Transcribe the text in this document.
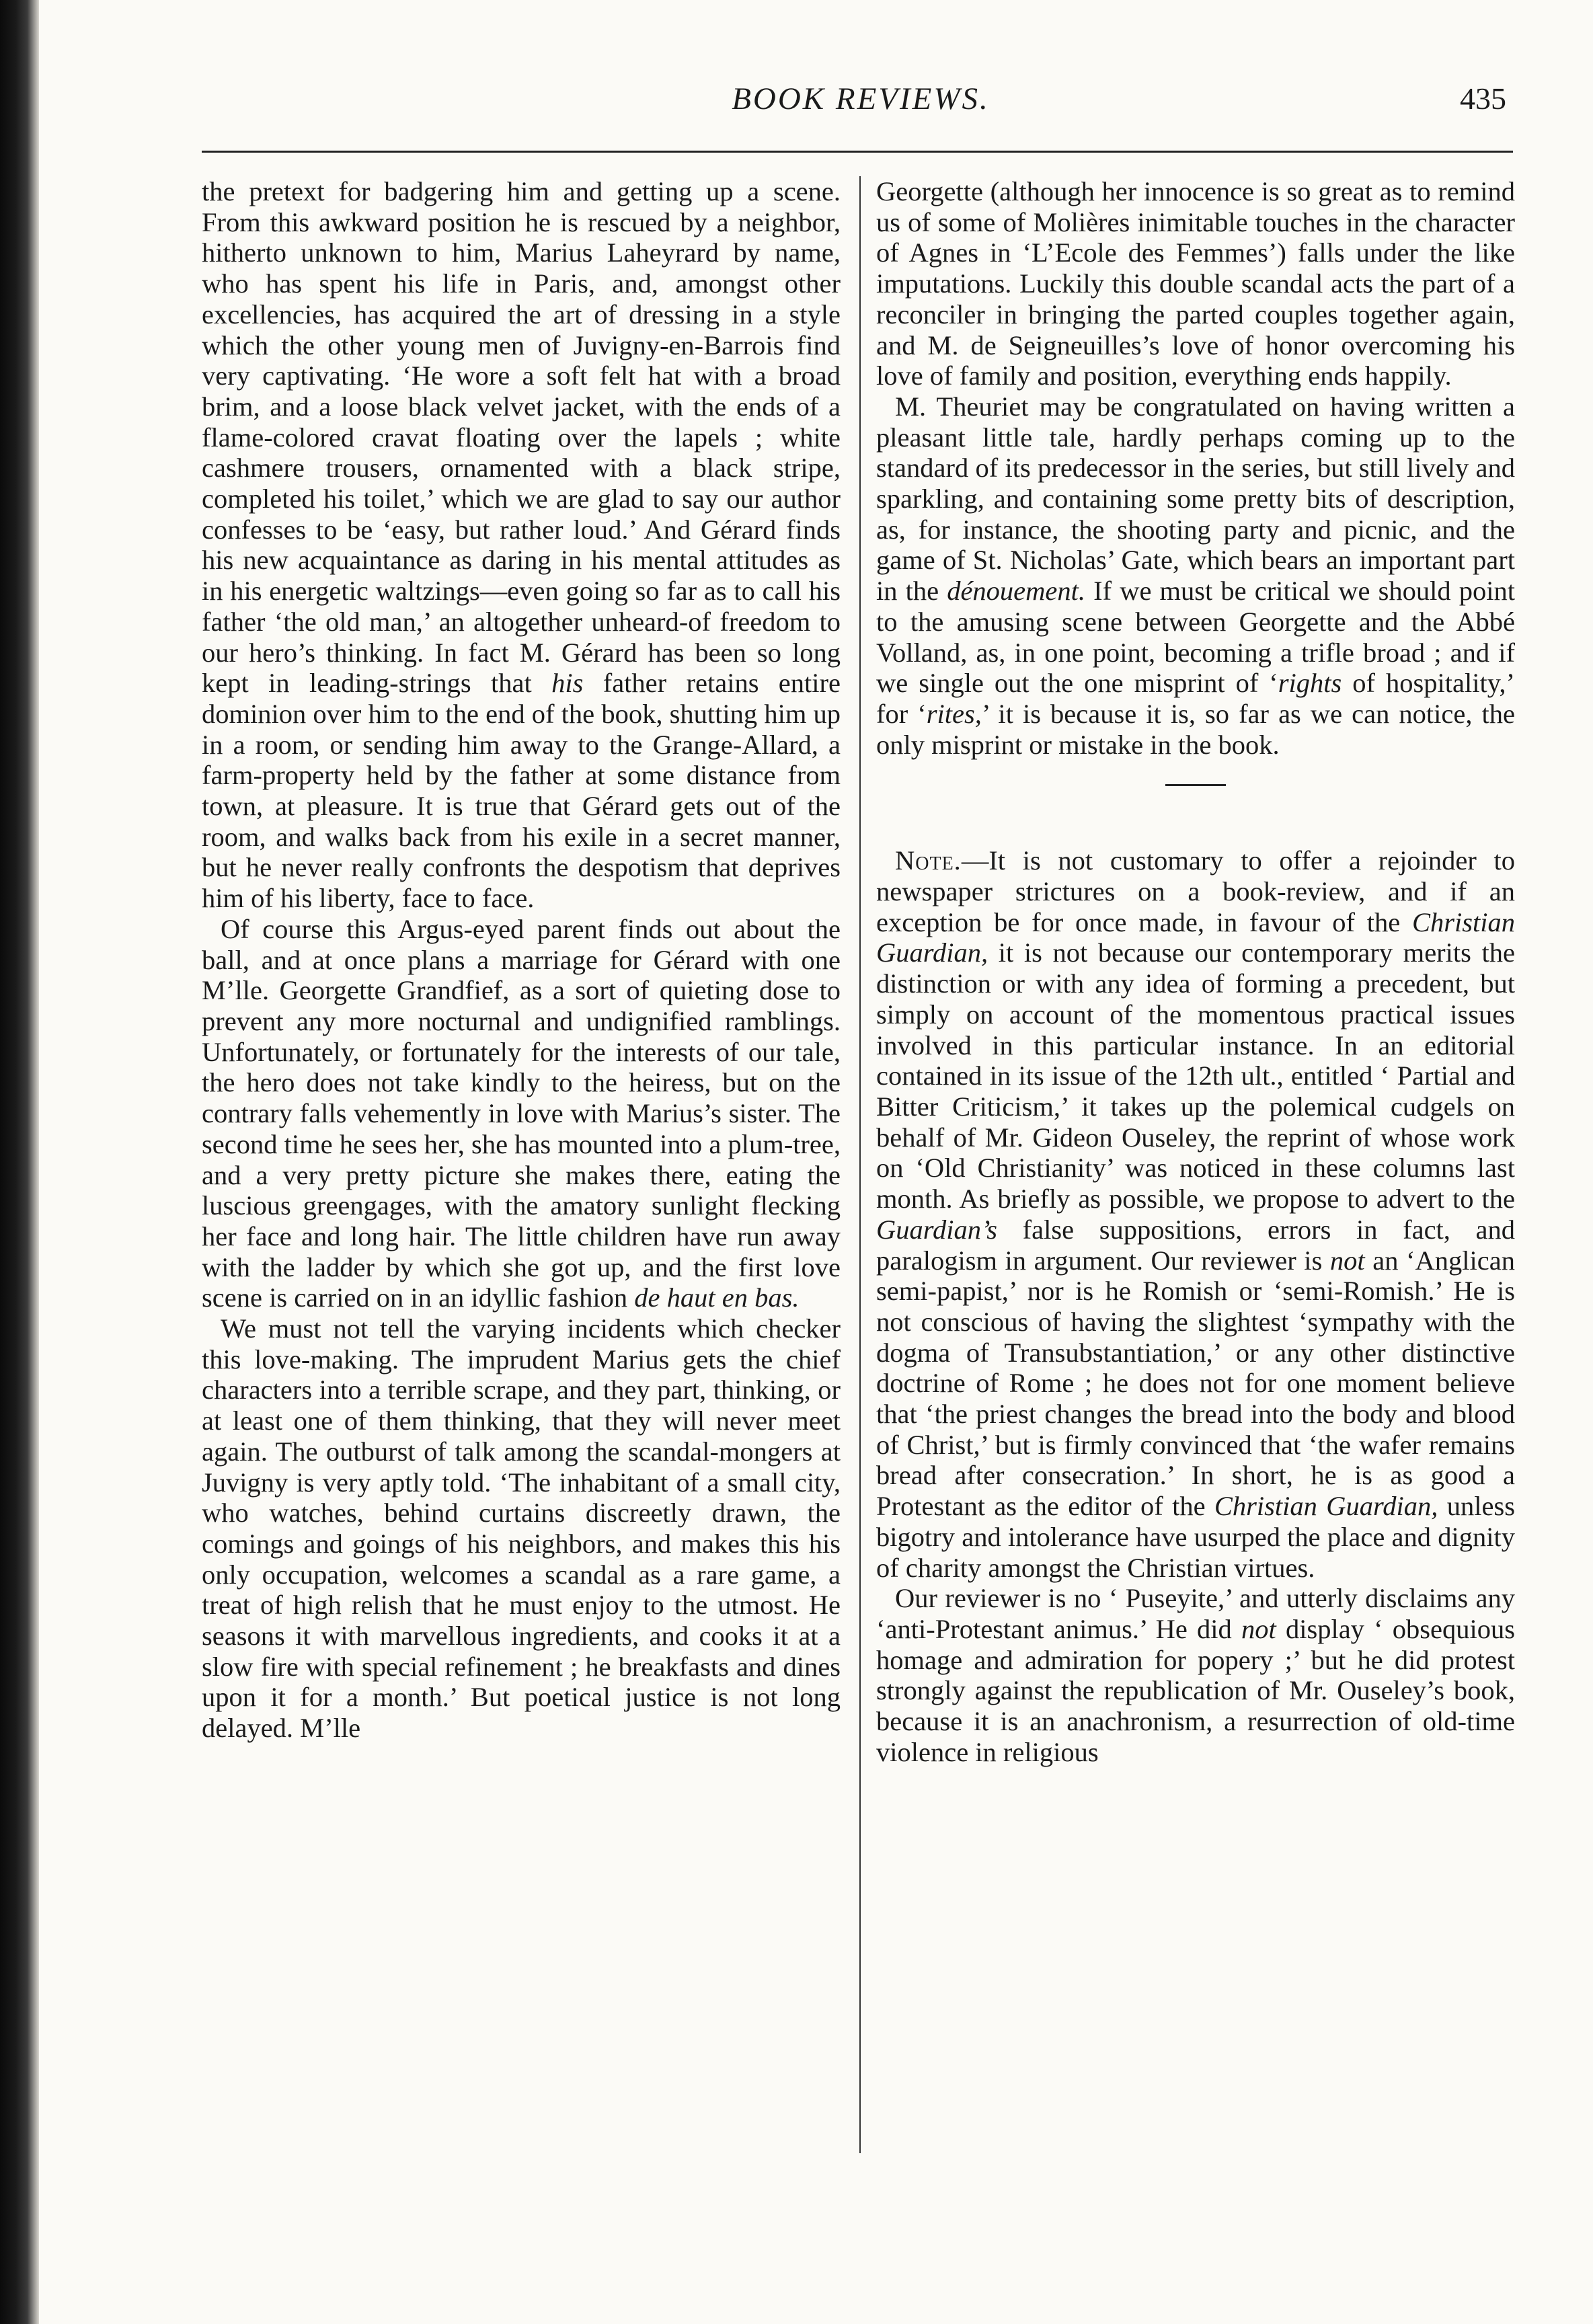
BOOK REVIEWS.	435

the pretext for badgering him and getting up a scene. From this awkward position he is rescued by a neighbor, hitherto unknown to him, Marius Laheyrard by name, who has spent his life in Paris, and, amongst other excellencies, has acquired the art of dressing in a style which the other young men of Juvigny-en-Barrois find very captivating. ‘He wore a soft felt hat with a broad brim, and a loose black velvet jacket, with the ends of a flame-colored cravat floating over the lapels ; white cashmere trousers, ornamented with a black stripe, completed his toilet,’ which we are glad to say our author confesses to be ‘easy, but rather loud.’ And Gérard finds his new acquaintance as daring in his mental attitudes as in his energetic waltzings—even going so far as to call his father ‘the old man,’ an altogether unheard-of freedom to our hero’s thinking. In fact M. Gérard has been so long kept in leading-strings that his father retains entire dominion over him to the end of the book, shutting him up in a room, or sending him away to the Grange-Allard, a farm-property held by the father at some distance from town, at pleasure. It is true that Gérard gets out of the room, and walks back from his exile in a secret manner, but he never really confronts the despotism that deprives him of his liberty, face to face.

Of course this Argus-eyed parent finds out about the ball, and at once plans a marriage for Gérard with one M’lle. Georgette Grandfief, as a sort of quieting dose to prevent any more nocturnal and undignified ramblings. Unfortunately, or fortunately for the interests of our tale, the hero does not take kindly to the heiress, but on the contrary falls vehemently in love with Marius’s sister. The second time he sees her, she has mounted into a plum-tree, and a very pretty picture she makes there, eating the luscious greengages, with the amatory sunlight flecking her face and long hair. The little children have run away with the ladder by which she got up, and the first love scene is carried on in an idyllic fashion de haut en bas.

We must not tell the varying incidents which checker this love-making. The imprudent Marius gets the chief characters into a terrible scrape, and they part, thinking, or at least one of them thinking, that they will never meet again. The outburst of talk among the scandal-mongers at Juvigny is very aptly told. ‘The inhabitant of a small city, who watches, behind curtains discreetly drawn, the comings and goings of his neighbors, and makes this his only occupation, welcomes a scandal as a rare game, a treat of high relish that he must enjoy to the utmost. He seasons it with marvellous ingredients, and cooks it at a slow fire with special refinement ; he breakfasts and dines upon it for a month.’ But poetical justice is not long delayed. M’lle

Georgette (although her innocence is so great as to remind us of some of Molières inimitable touches in the character of Agnes in ‘L’Ecole des Femmes’) falls under the like imputations. Luckily this double scandal acts the part of a reconciler in bringing the parted couples together again, and M. de Seigneuilles’s love of honor overcoming his love of family and position, everything ends happily.

M. Theuriet may be congratulated on having written a pleasant little tale, hardly perhaps coming up to the standard of its predecessor in the series, but still lively and sparkling, and containing some pretty bits of description, as, for instance, the shooting party and picnic, and the game of St. Nicholas’ Gate, which bears an important part in the dénouement. If we must be critical we should point to the amusing scene between Georgette and the Abbé Volland, as, in one point, becoming a trifle broad ; and if we single out the one misprint of ‘rights of hospitality,’ for ‘rites,’ it is because it is, so far as we can notice, the only misprint or mistake in the book.

Note.—It is not customary to offer a rejoinder to newspaper strictures on a book-review, and if an exception be for once made, in favour of the Christian Guardian, it is not because our contemporary merits the distinction or with any idea of forming a precedent, but simply on account of the momentous practical issues involved in this particular instance. In an editorial contained in its issue of the 12th ult., entitled ‘ Partial and Bitter Criticism,’ it takes up the polemical cudgels on behalf of Mr. Gideon Ouseley, the reprint of whose work on ‘Old Christianity’ was noticed in these columns last month. As briefly as possible, we propose to advert to the Guardian’s false suppositions, errors in fact, and paralogism in argument. Our reviewer is not an ‘Anglican semi-papist,’ nor is he Romish or ‘semi-Romish.’ He is not conscious of having the slightest ‘sympathy with the dogma of Transubstantiation,’ or any other distinctive doctrine of Rome ; he does not for one moment believe that ‘the priest changes the bread into the body and blood of Christ,’ but is firmly convinced that ‘the wafer remains bread after consecration.’ In short, he is as good a Protestant as the editor of the Christian Guardian, unless bigotry and intolerance have usurped the place and dignity of charity amongst the Christian virtues.

Our reviewer is no ‘ Puseyite,’ and utterly disclaims any ‘anti-Protestant animus.’ He did not display ‘ obsequious homage and admiration for popery ;’ but he did protest strongly against the republication of Mr. Ouseley’s book, because it is an anachronism, a resurrection of old-time violence in religious
